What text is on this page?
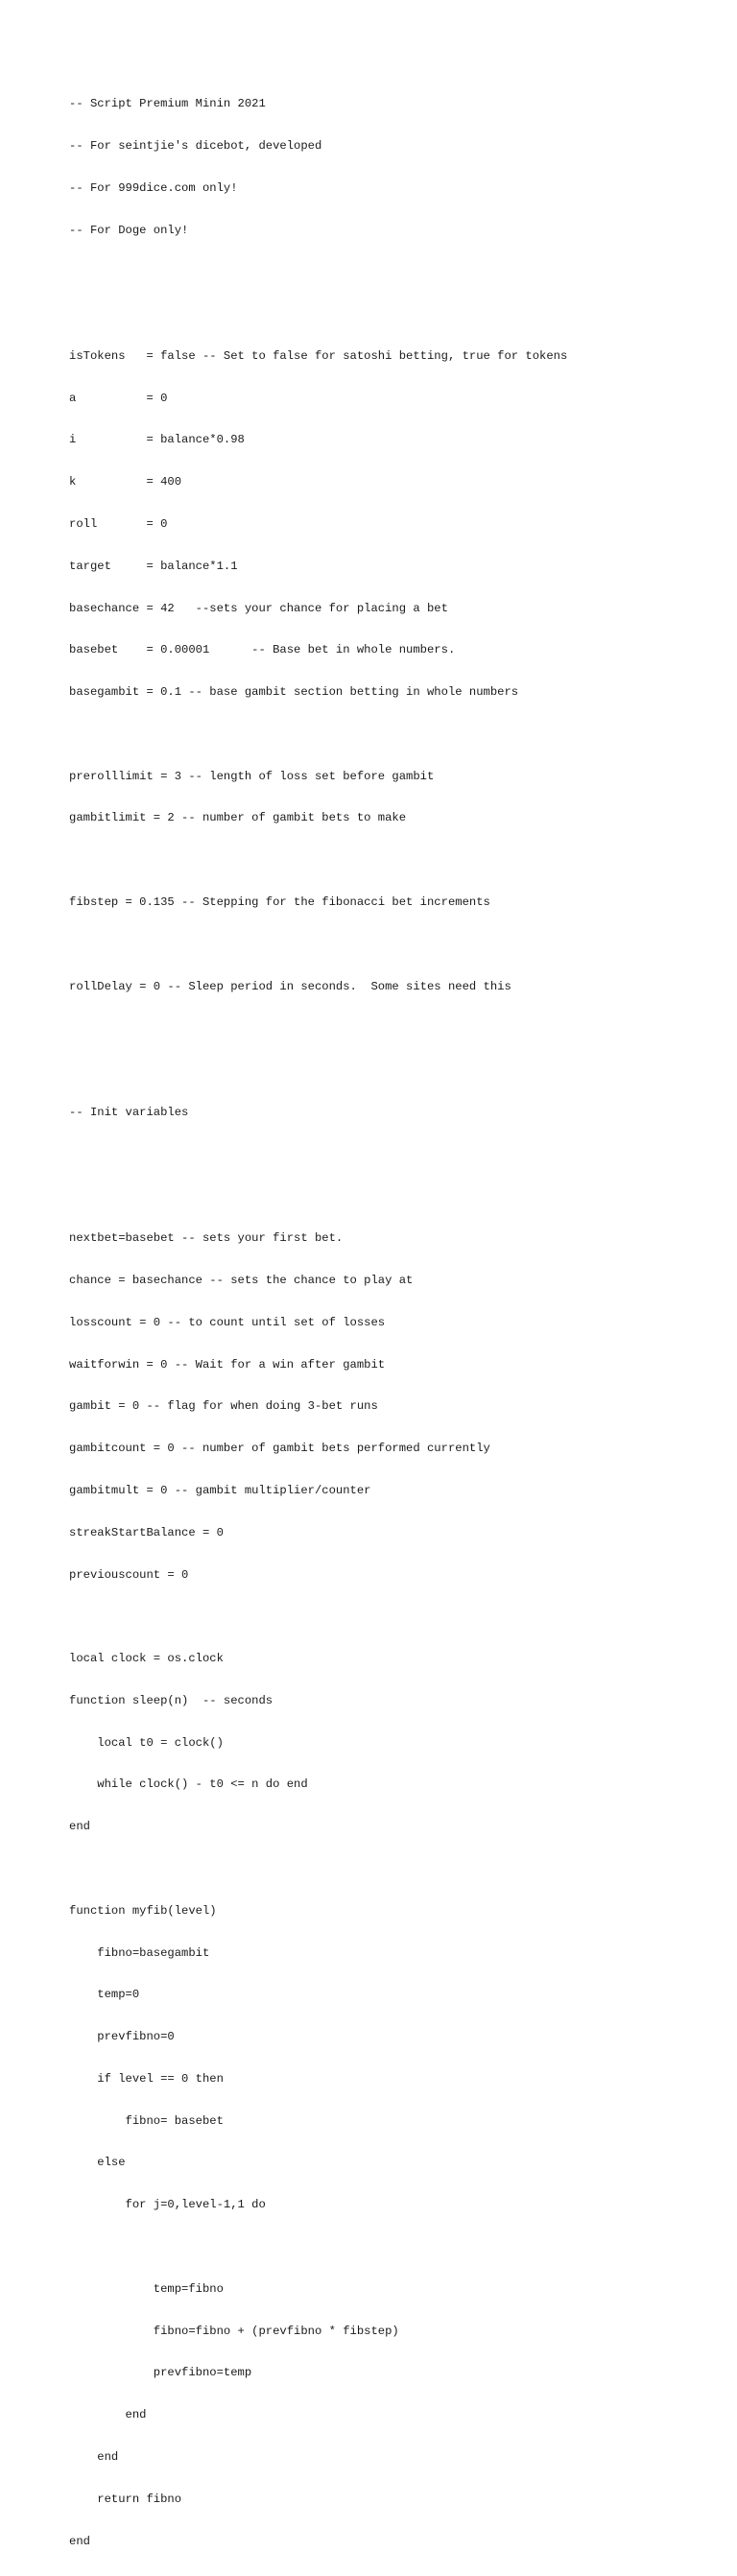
-- Script Premium Minin 2021

-- For seintjie's dicebot, developed

-- For 999dice.com only!

-- For Doge only!

isTokens   = false -- Set to false for satoshi betting, true for tokens

a          = 0

i          = balance*0.98

k          = 400

roll       = 0

target     = balance*1.1

basechance = 42   --sets your chance for placing a bet

basebet    = 0.00001      -- Base bet in whole numbers.

basegambit = 0.1 -- base gambit section betting in whole numbers

prerolllimit = 3 -- length of loss set before gambit

gambitlimit = 2 -- number of gambit bets to make

fibstep = 0.135 -- Stepping for the fibonacci bet increments

rollDelay = 0 -- Sleep period in seconds.  Some sites need this

-- Init variables

nextbet=basebet -- sets your first bet.

chance = basechance -- sets the chance to play at

losscount = 0 -- to count until set of losses

waitforwin = 0 -- Wait for a win after gambit

gambit = 0 -- flag for when doing 3-bet runs

gambitcount = 0 -- number of gambit bets performed currently

gambitmult = 0 -- gambit multiplier/counter

streakStartBalance = 0

previouscount = 0

local clock = os.clock

function sleep(n)  -- seconds

local t0 = clock()

while clock() - t0 <= n do end

end

function myfib(level)

fibno=basegambit

temp=0

prevfibno=0

if level == 0 then

fibno= basebet

else

for j=0,level-1,1 do

temp=fibno

fibno=fibno + (prevfibno * fibstep)

prevfibno=temp

end

end

return fibno

end
